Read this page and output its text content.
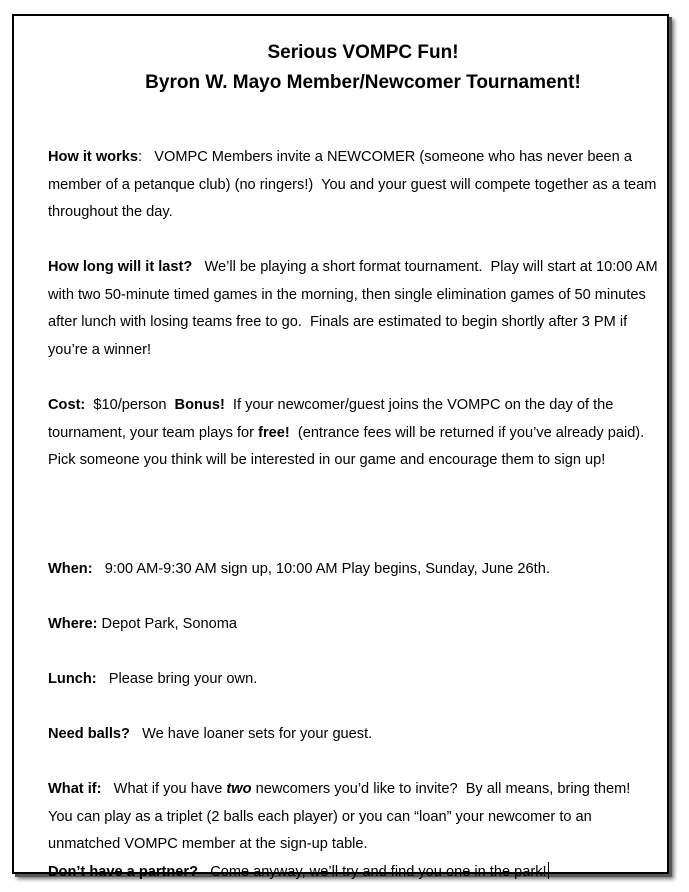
Serious VOMPC Fun!
Byron W. Mayo Member/Newcomer Tournament!

How it works:   VOMPC Members invite a NEWCOMER (someone who has never been a member of a petanque club) (no ringers!)  You and your guest will compete together as a team throughout the day.

How long will it last?   We’ll be playing a short format tournament.  Play will start at 10:00 AM with two 50-minute timed games in the morning, then single elimination games of 50 minutes after lunch with losing teams free to go.  Finals are estimated to begin shortly after 3 PM if you’re a winner!

Cost:  $10/person  Bonus!  If your newcomer/guest joins the VOMPC on the day of the tournament, your team plays for free!  (entrance fees will be returned if you’ve already paid).  Pick someone you think will be interested in our game and encourage them to sign up!

When:   9:00 AM-9:30 AM sign up, 10:00 AM Play begins, Sunday, June 26th.

Where: Depot Park, Sonoma

Lunch:   Please bring your own.

Need balls?   We have loaner sets for your guest.

What if:   What if you have two newcomers you’d like to invite?  By all means, bring them!  You can play as a triplet (2 balls each player) or you can “loan” your newcomer to an unmatched VOMPC member at the sign-up table.

Don’t have a partner?   Come anyway, we’ll try and find you one in the park!
